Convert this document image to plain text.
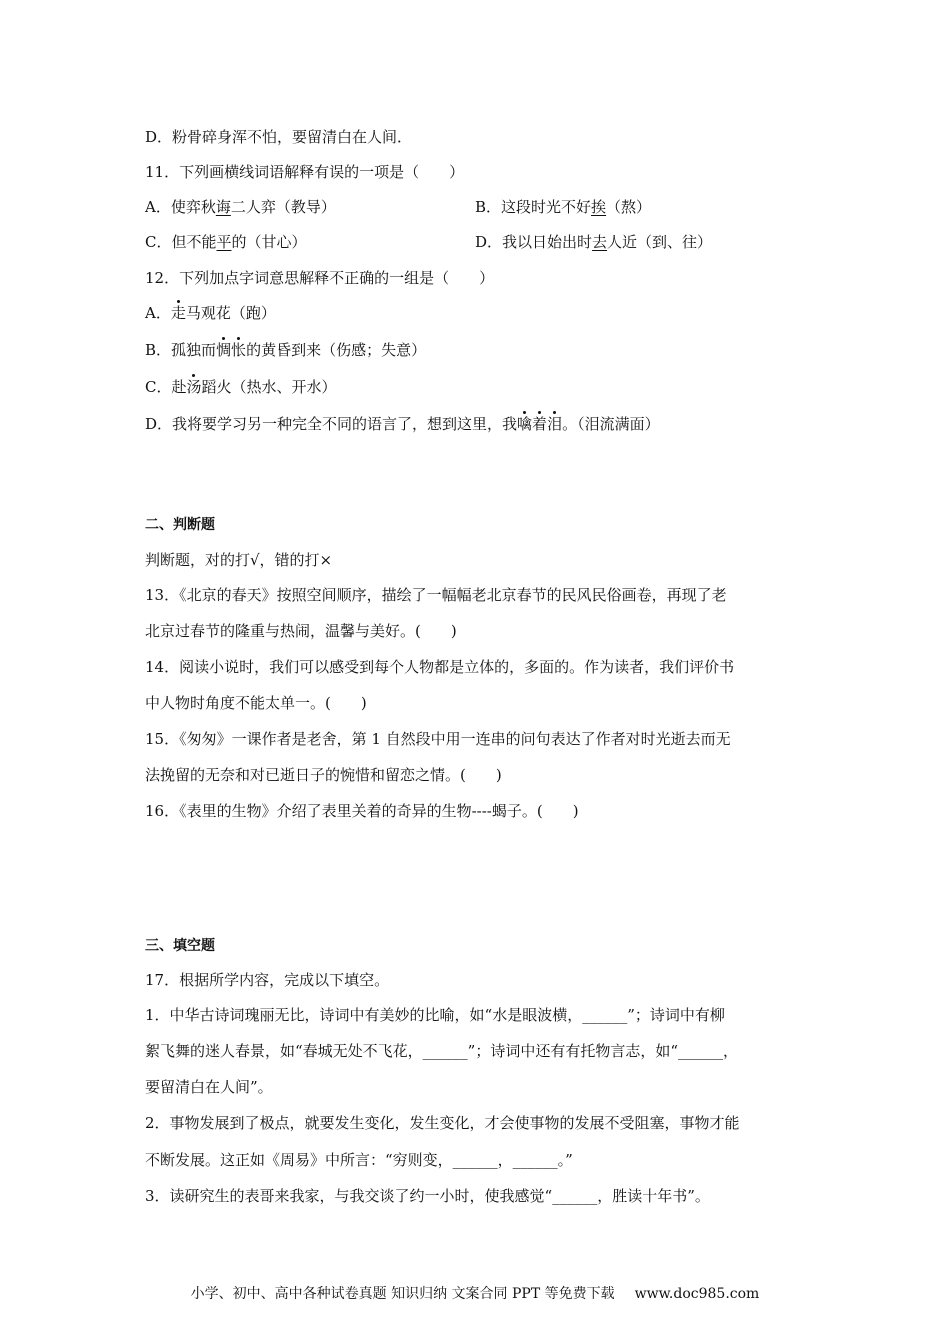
D．粉骨碎身浑不怕，要留清白在人间．
11．下列画横线词语解释有误的一项是（　　）
A．使弈秋诲二人弈（教导）	B．这段时光不好挨（熬）
C．但不能平的（甘心）	D．我以日始出时去人近（到、往）
12．下列加点字词意思解释不正确的一组是（　　）
A．走马观花（跑）
B．孤独而惆怅的黄昏到来（伤感；失意）
C．赴汤蹈火（热水、开水）
D．我将要学习另一种完全不同的语言了，想到这里，我噙着泪。（泪流满面）
二、判断题
判断题，对的打√，错的打×
13．《北京的春天》按照空间顺序，描绘了一幅幅老北京春节的民风民俗画卷，再现了老
北京过春节的隆重与热闹，温馨与美好。(　　)
14．阅读小说时，我们可以感受到每个人物都是立体的，多面的。作为读者，我们评价书
中人物时角度不能太单一。(　　)
15．《匆匆》一课作者是老舍，第 1 自然段中用一连串的问句表达了作者对时光逝去而无
法挽留的无奈和对已逝日子的惋惜和留恋之情。(　　)
16．《表里的生物》介绍了表里关着的奇异的生物----蝎子。(　　)
三、填空题
17．根据所学内容，完成以下填空。
1．中华古诗词瑰丽无比，诗词中有美妙的比喻，如“水是眼波横，______”；诗词中有柳
絮飞舞的迷人春景，如“春城无处不飞花，______”；诗词中还有有托物言志，如“______，
要留清白在人间”。
2．事物发展到了极点，就要发生变化，发生变化，才会使事物的发展不受阻塞，事物才能
不断发展。这正如《周易》中所言：“穷则变，______，______。”
3．读研究生的表哥来我家，与我交谈了约一小时，使我感觉“______，胜读十年书”。
小学、初中、高中各种试卷真题 知识归纳 文案合同 PPT 等免费下载 www.doc985.com
